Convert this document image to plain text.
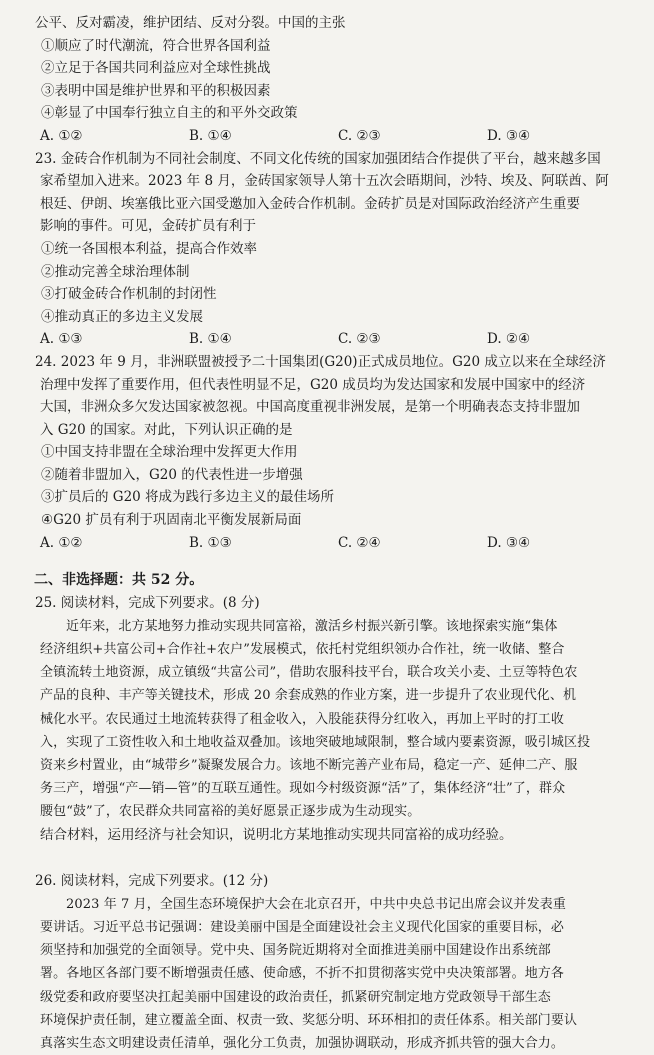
公平、反对霸凌，维护团结、反对分裂。中国的主张
①顺应了时代潮流，符合世界各国利益
②立足于各国共同利益应对全球性挑战
③表明中国是维护世界和平的积极因素
④彰显了中国奉行独立自主的和平外交政策
A. ①②	B. ①④	C. ②③	D. ③④
23. 金砖合作机制为不同社会制度、不同文化传统的国家加强团结合作提供了平台，越来越多国
家希望加入进来。2023 年 8 月，金砖国家领导人第十五次会晤期间，沙特、埃及、阿联酋、阿
根廷、伊朗、埃塞俄比亚六国受邀加入金砖合作机制。金砖扩员是对国际政治经济产生重要
影响的事件。可见，金砖扩员有利于
①统一各国根本利益，提高合作效率
②推动完善全球治理体制
③打破金砖合作机制的封闭性
④推动真正的多边主义发展
A. ①③	B. ①④	C. ②③	D. ②④
24. 2023 年 9 月，非洲联盟被授予二十国集团(G20)正式成员地位。G20 成立以来在全球经济
治理中发挥了重要作用，但代表性明显不足，G20 成员均为发达国家和发展中国家中的经济
大国，非洲众多欠发达国家被忽视。中国高度重视非洲发展，是第一个明确表态支持非盟加
入 G20 的国家。对此，下列认识正确的是
①中国支持非盟在全球治理中发挥更大作用
②随着非盟加入，G20 的代表性进一步增强
③扩员后的 G20 将成为践行多边主义的最佳场所
④G20 扩员有利于巩固南北平衡发展新局面
A. ①②	B. ①③	C. ②④	D. ③④
二、非选择题：共 52 分。
25. 阅读材料，完成下列要求。(8 分)
近年来，北方某地努力推动实现共同富裕，激活乡村振兴新引擎。该地探索实施“集体
经济组织+共富公司+合作社+农户”发展模式，依托村党组织领办合作社，统一收储、整合
全镇流转土地资源，成立镇级“共富公司”，借助农服科技平台，联合攻关小麦、土豆等特色农
产品的良种、丰产等关键技术，形成 20 余套成熟的作业方案，进一步提升了农业现代化、机
械化水平。农民通过土地流转获得了租金收入，入股能获得分红收入，再加上平时的打工收
入，实现了工资性收入和土地收益双叠加。该地突破地域限制，整合域内要素资源，吸引城区投
资来乡村置业，由“城带乡”凝聚发展合力。该地不断完善产业布局，稳定一产、延伸二产、服
务三产，增强“产—销—管”的互联互通性。现如今村级资源“活”了，集体经济“壮”了，群众
腰包“鼓”了，农民群众共同富裕的美好愿景正逐步成为生动现实。
结合材料，运用经济与社会知识，说明北方某地推动实现共同富裕的成功经验。
26. 阅读材料，完成下列要求。(12 分)
2023 年 7 月，全国生态环境保护大会在北京召开，中共中央总书记出席会议并发表重
要讲话。习近平总书记强调：建设美丽中国是全面建设社会主义现代化国家的重要目标，必
须坚持和加强党的全面领导。党中央、国务院近期将对全面推进美丽中国建设作出系统部
署。各地区各部门要不断增强责任感、使命感，不折不扣贯彻落实党中央决策部署。地方各
级党委和政府要坚决扛起美丽中国建设的政治责任，抓紧研究制定地方党政领导干部生态
环境保护责任制，建立覆盖全面、权责一致、奖惩分明、环环相扣的责任体系。相关部门要认
真落实生态文明建设责任清单，强化分工负责，加强协调联动，形成齐抓共管的强大合力。
